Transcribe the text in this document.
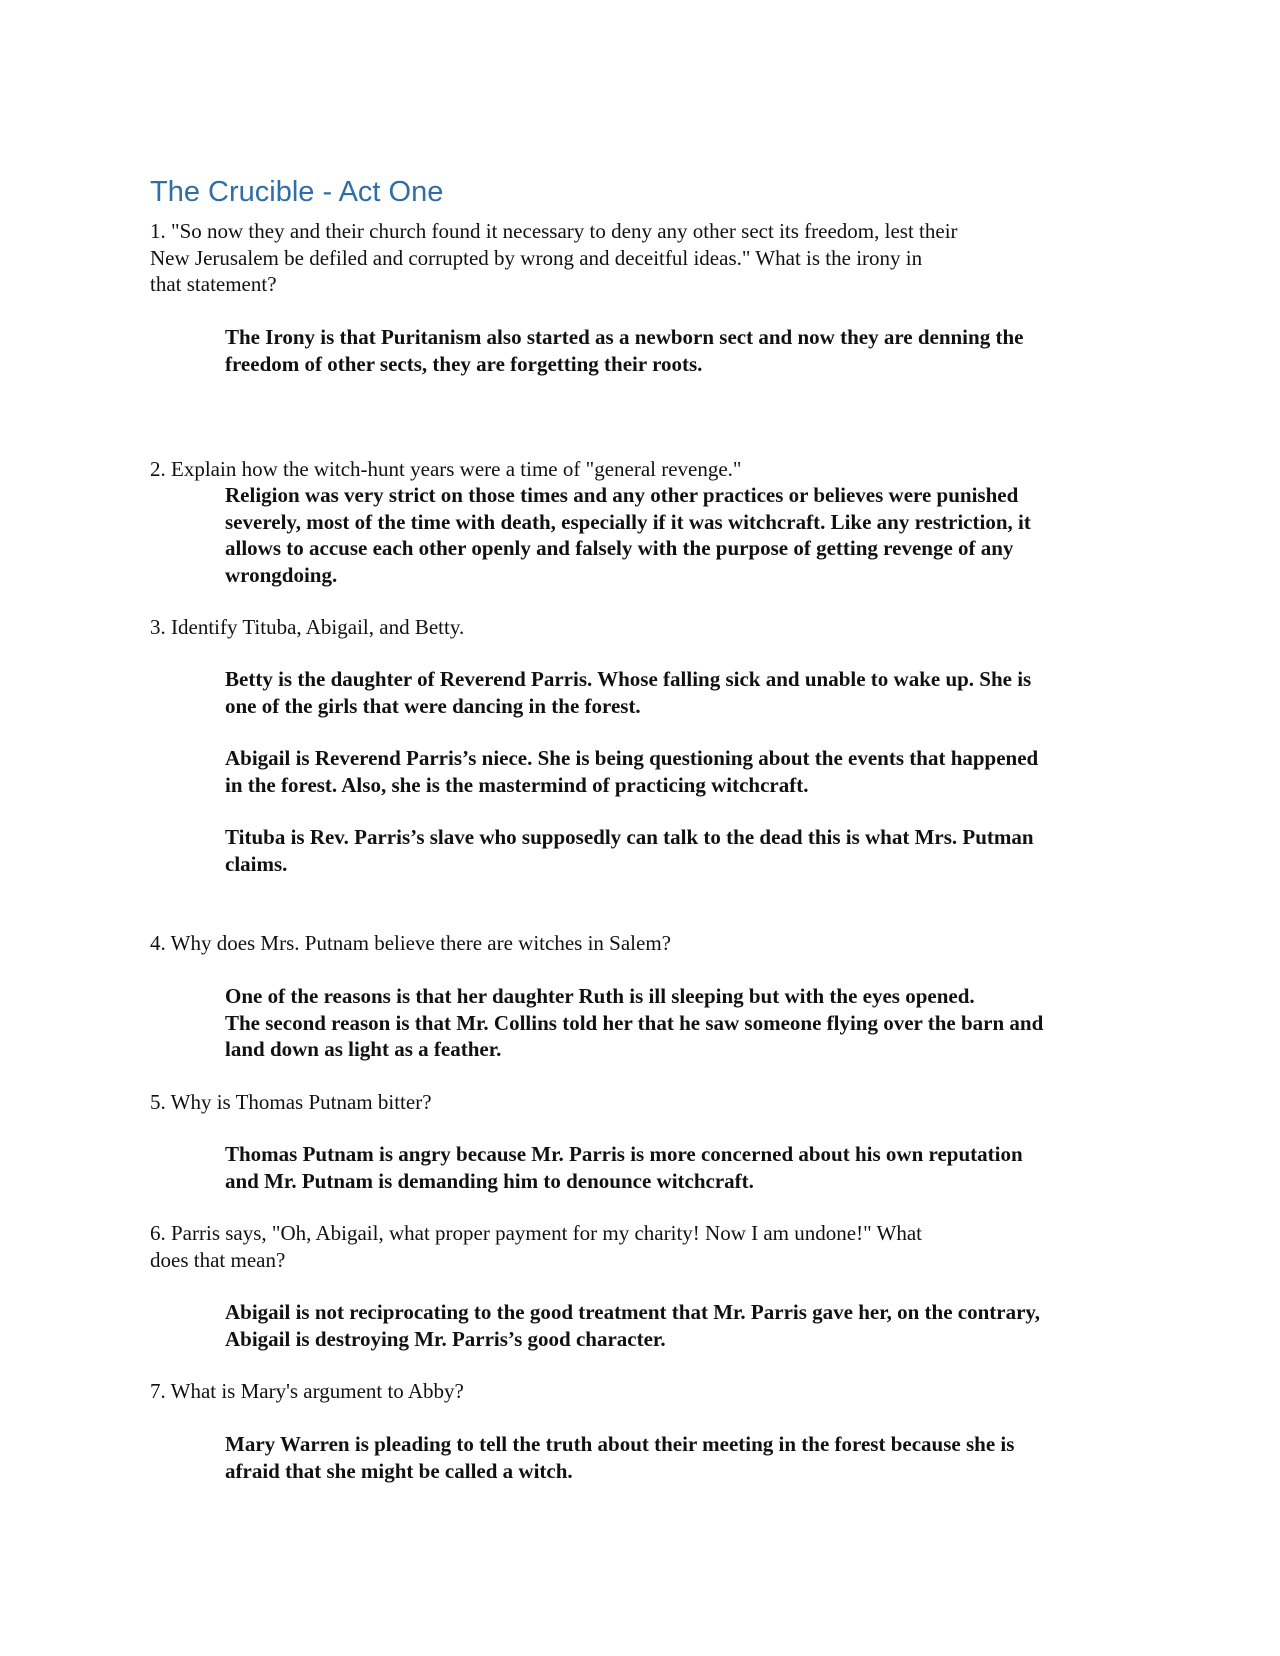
The Crucible - Act One

1. "So now they and their church found it necessary to deny any other sect its freedom, lest their
New Jerusalem be defiled and corrupted by wrong and deceitful ideas." What is the irony in
that statement?

The Irony is that Puritanism also started as a newborn sect and now they are denning the
freedom of other sects, they are forgetting their roots.

2. Explain how the witch-hunt years were a time of "general revenge."

Religion was very strict on those times and any other practices or believes were punished
severely, most of the time with death, especially if it was witchcraft. Like any restriction, it
allows to accuse each other openly and falsely with the purpose of getting revenge of any
wrongdoing.

3. Identify Tituba, Abigail, and Betty.

Betty is the daughter of Reverend Parris. Whose falling sick and unable to wake up. She is
one of the girls that were dancing in the forest.

Abigail is Reverend Parris’s niece. She is being questioning about the events that happened
in the forest. Also, she is the mastermind of practicing witchcraft.

Tituba is Rev. Parris’s slave who supposedly can talk to the dead this is what Mrs. Putman
claims.

4. Why does Mrs. Putnam believe there are witches in Salem?

One of the reasons is that her daughter Ruth is ill sleeping but with the eyes opened.
The second reason is that Mr. Collins told her that he saw someone flying over the barn and
land down as light as a feather.

5. Why is Thomas Putnam bitter?

Thomas Putnam is angry because Mr. Parris is more concerned about his own reputation
and Mr. Putnam is demanding him to denounce witchcraft.

6. Parris says, "Oh, Abigail, what proper payment for my charity! Now I am undone!" What
does that mean?

Abigail is not reciprocating to the good treatment that Mr. Parris gave her, on the contrary,
Abigail is destroying Mr. Parris’s good character.

7. What is Mary's argument to Abby?

Mary Warren is pleading to tell the truth about their meeting in the forest because she is
afraid that she might be called a witch.
